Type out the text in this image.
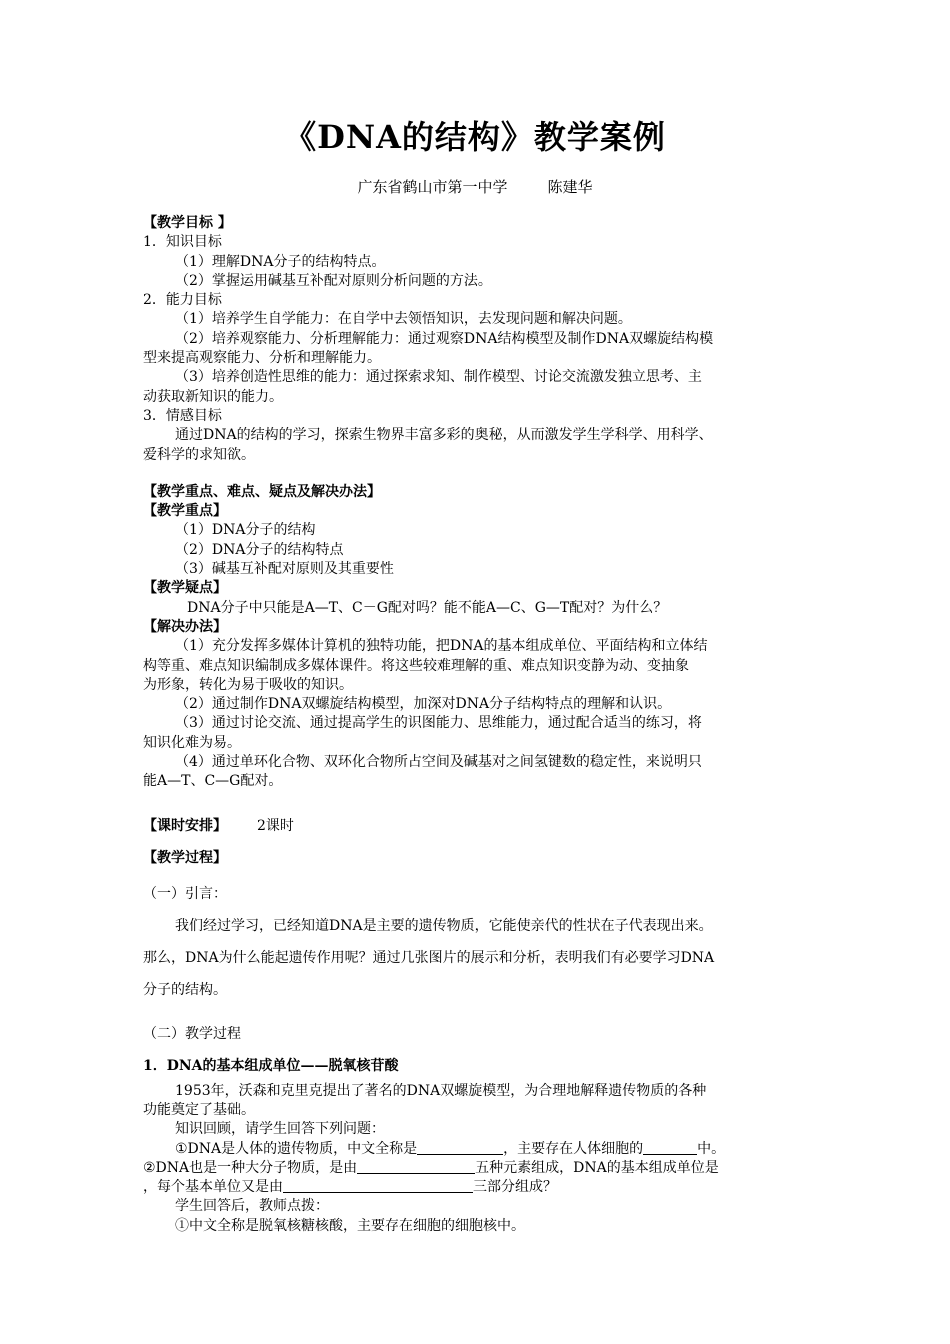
《DNA的结构》教学案例
广东省鹤山市第一中学	陈建华
【教学目标 】
1．知识目标
（1）理解DNA分子的结构特点。
（2）掌握运用碱基互补配对原则分析问题的方法。
2．能力目标
（1）培养学生自学能力：在自学中去领悟知识，去发现问题和解决问题。
（2）培养观察能力、分析理解能力：通过观察DNA结构模型及制作DNA双螺旋结构模
型来提高观察能力、分析和理解能力。
（3）培养创造性思维的能力：通过探索求知、制作模型、讨论交流激发独立思考、主
动获取新知识的能力。
3．情感目标
通过DNA的结构的学习，探索生物界丰富多彩的奥秘，从而激发学生学科学、用科学、
爱科学的求知欲。
【教学重点、难点、疑点及解决办法】
【教学重点】
（1）DNA分子的结构
（2）DNA分子的结构特点
（3）碱基互补配对原则及其重要性
【教学疑点】
DNA分子中只能是A—T、C－G配对吗？能不能A—C、G—T配对？为什么？
【解决办法】
（1）充分发挥多媒体计算机的独特功能，把DNA的基本组成单位、平面结构和立体结
构等重、难点知识编制成多媒体课件。将这些较难理解的重、难点知识变静为动、变抽象
为形象，转化为易于吸收的知识。
（2）通过制作DNA双螺旋结构模型，加深对DNA分子结构特点的理解和认识。
（3）通过讨论交流、通过提高学生的识图能力、思维能力，通过配合适当的练习，将
知识化难为易。
（4）通过单环化合物、双环化合物所占空间及碱基对之间氢键数的稳定性，来说明只
能A—T、C—G配对。
【课时安排】 2课时
【教学过程】
（一）引言：
我们经过学习，已经知道DNA是主要的遗传物质，它能使亲代的性状在子代表现出来。
那么，DNA为什么能起遗传作用呢？通过几张图片的展示和分析，表明我们有必要学习DNA
分子的结构。
（二）教学过程
1．DNA的基本组成单位——脱氧核苷酸
1953年，沃森和克里克提出了著名的DNA双螺旋模型，为合理地解释遗传物质的各种
功能奠定了基础。
知识回顾，请学生回答下列问题：
①DNA是人体的遗传物质，中文全称是	，主要存在人体细胞的	中。
②DNA也是一种大分子物质，是由	五种元素组成，DNA的基本组成单位是
，每个基本单位又是由	三部分组成？
学生回答后，教师点拨：
①中文全称是脱氧核糖核酸，主要存在细胞的细胞核中。
